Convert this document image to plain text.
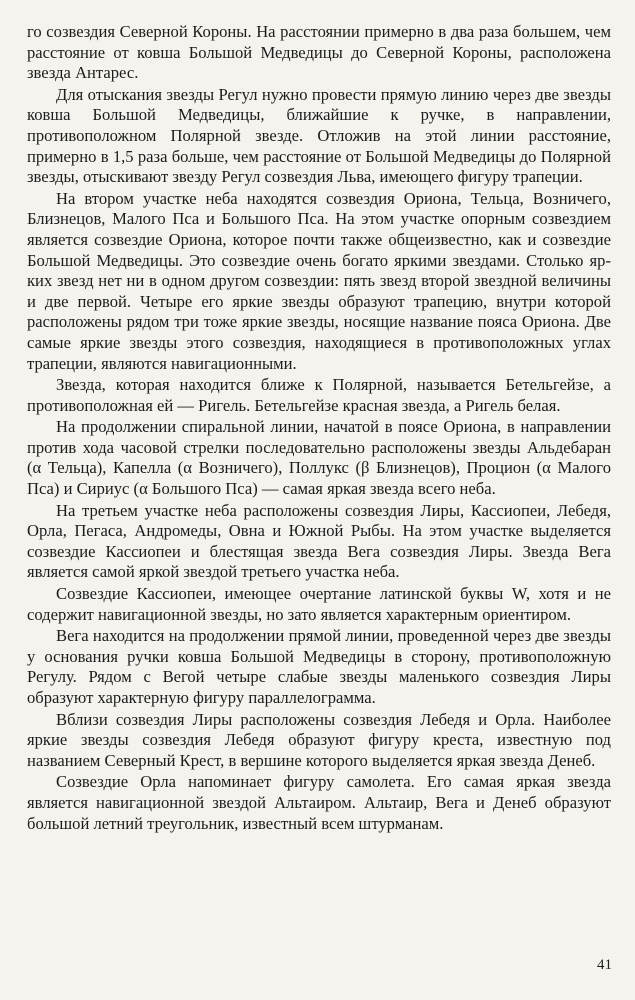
го созвездия Северной Короны. На расстоянии примерно в два раза большем, чем расстояние от ковша Большой Медведицы до Северной Короны, расположена звезда Антарес.

Для отыскания звезды Регул нужно провести прямую линию через две звезды ковша Большой Медведицы, ближайшие к ручке, в направлении, противоположном Полярной звезде. Отложив на этой линии расстояние, примерно в 1,5 раза больше, чем расстояние от Большой Медведицы до Полярной звезды, отыскивают звезду Регул созвездия Льва, имеющего фигуру трапеции.

На втором участке неба находятся созвездия Ориона, Тельца, Возничего, Близнецов, Малого Пса и Большого Пса. На этом участке опорным созвездием является созвездие Ориона, которое почти также общеизвестно, как и созвездие Большой Медведицы. Это созвездие очень богато яркими звездами. Столько ярких звезд нет ни в одном другом созвездии: пять звезд второй звездной величины и две первой. Четыре его яркие звезды образуют трапецию, внутри которой расположены рядом три тоже яркие звезды, носящие название пояса Ориона. Две самые яркие звезды этого созвездия, находящиеся в противоположных углах трапеции, являются навигационными.

Звезда, которая находится ближе к Полярной, называется Бетельгейзе, а противоположная ей — Ригель. Бетельгейзе красная звезда, а Ригель белая.

На продолжении спиральной линии, начатой в поясе Ориона, в направлении против хода часовой стрелки последовательно расположены звезды Альдебаран (α Тельца), Капелла (α Возничего), Поллукс (β Близнецов), Процион (α Малого Пса) и Сириус (α Большого Пса) — самая яркая звезда всего неба.

На третьем участке неба расположены созвездия Лиры, Кассиопеи, Лебедя, Орла, Пегаса, Андромеды, Овна и Южной Рыбы. На этом участке выделяется созвездие Кассиопеи и блестящая звезда Вега созвездия Лиры. Звезда Вега является самой яркой звездой третьего участка неба.

Созвездие Кассиопеи, имеющее очертание латинской буквы W, хотя и не содержит навигационной звезды, но зато является характерным ориентиром.

Вега находится на продолжении прямой линии, проведенной через две звезды у основания ручки ковша Большой Медведицы в сторону, противоположную Регулу. Рядом с Вегой четыре слабые звезды маленького созвездия Лиры образуют характерную фигуру параллелограмма.

Вблизи созвездия Лиры расположены созвездия Лебедя и Орла. Наиболее яркие звезды созвездия Лебедя образуют фигуру креста, известную под названием Северный Крест, в вершине которого выделяется яркая звезда Денеб.

Созвездие Орла напоминает фигуру самолета. Его самая яркая звезда является навигационной звездой Альтаиром. Альтаир, Вега и Денеб образуют большой летний треугольник, известный всем штурманам.

41
